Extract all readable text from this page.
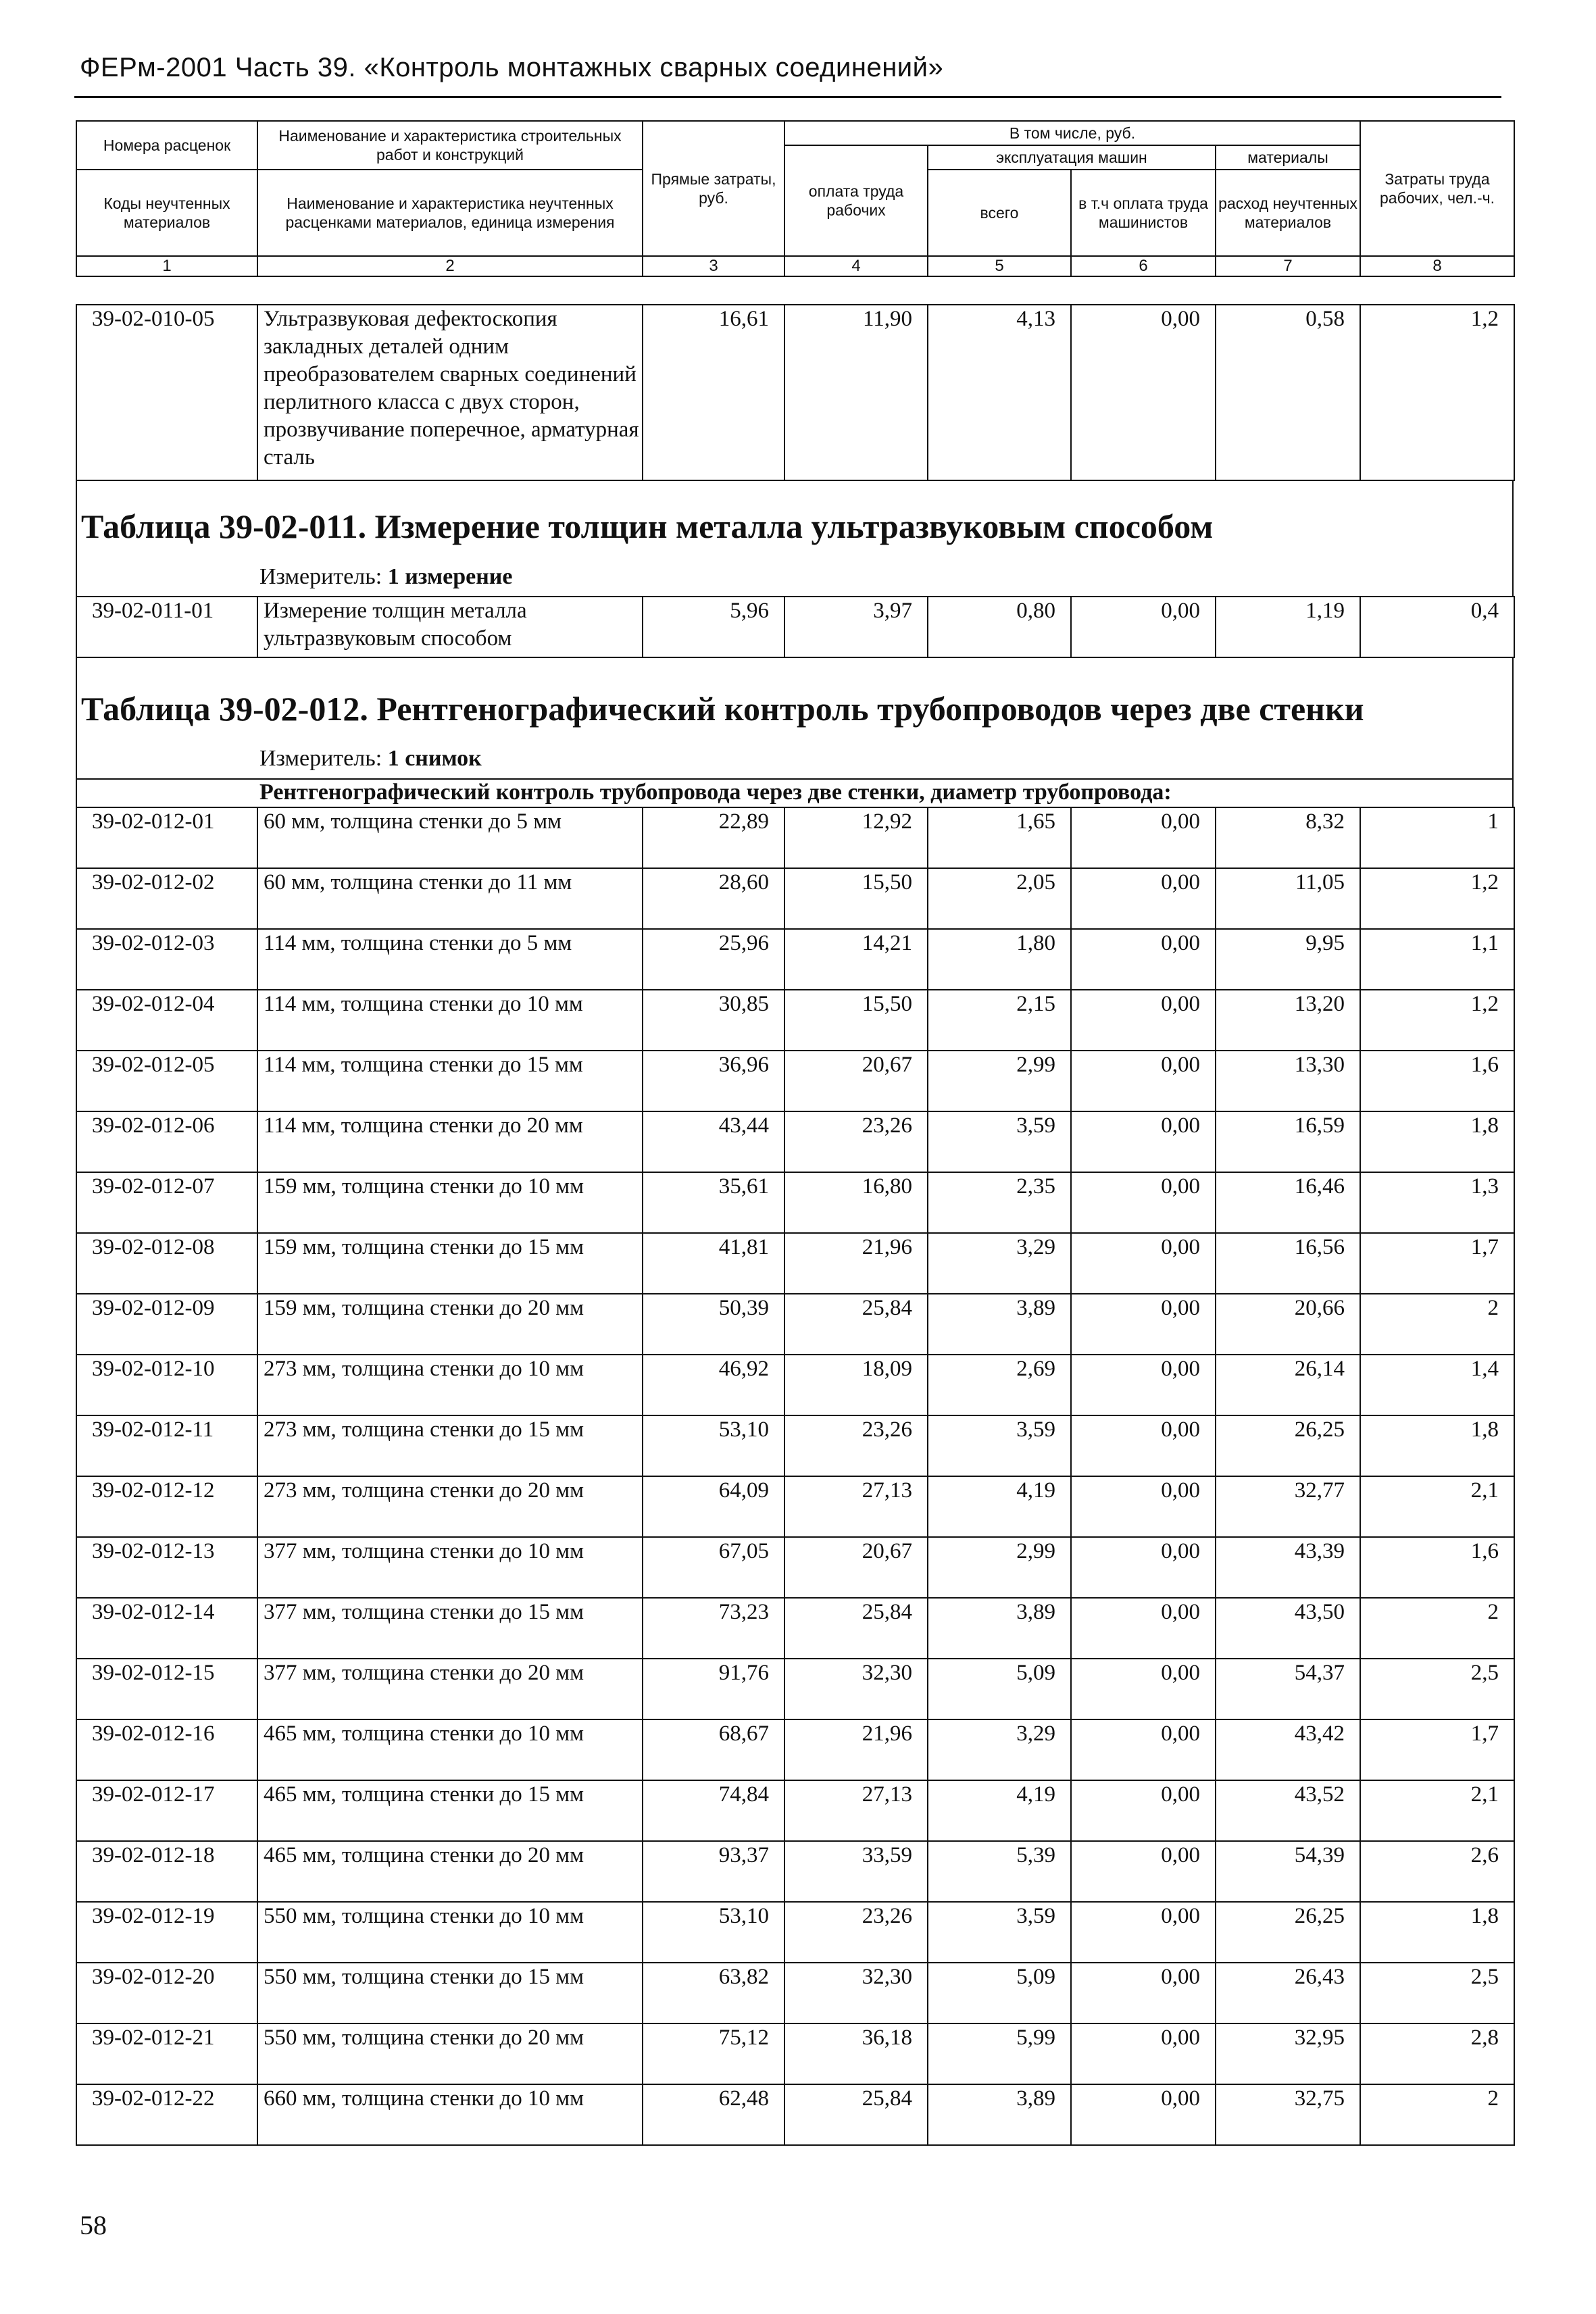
ФЕРм-2001 Часть 39. «Контроль монтажных сварных соединений»
Номера расценок	Наименование и характеристика строительных работ и конструкций	Прямые затраты, руб.	В том числе, руб.				Затраты труда рабочих, чел.-ч.
			оплата труда рабочих	эксплуатация машин		материалы	
Коды неучтенных материалов	Наименование и характеристика неучтенных расценками материалов, единица измерения			всего	в т.ч оплата труда машинистов	расход неучтенных материалов	

1	2	3	4	5	6	7	8
39-02-010-05	Ультразвуковая дефектоскопия закладных деталей одним преобразователем сварных соединений перлитного класса с двух сторон, прозвучивание поперечное, арматурная сталь	16,61	11,90	4,13	0,00	0,58	1,2
Таблица 39-02-011. Измерение толщин металла ультразвуковым способом
Измеритель: 1 измерение
39-02-011-01	Измерение толщин металла ультразвуковым способом	5,96	3,97	0,80	0,00	1,19	0,4
Таблица 39-02-012. Рентгенографический контроль трубопроводов через две стенки
Измеритель: 1 снимок
Рентгенографический контроль трубопровода через две стенки, диаметр трубопровода:
39-02-012-01	60 мм, толщина стенки до 5 мм	22,89	12,92	1,65	0,00	8,32	1
39-02-012-02	60 мм, толщина стенки до 11 мм	28,60	15,50	2,05	0,00	11,05	1,2
39-02-012-03	114 мм, толщина стенки до 5 мм	25,96	14,21	1,80	0,00	9,95	1,1
39-02-012-04	114 мм, толщина стенки до 10 мм	30,85	15,50	2,15	0,00	13,20	1,2
39-02-012-05	114 мм, толщина стенки до 15 мм	36,96	20,67	2,99	0,00	13,30	1,6
39-02-012-06	114 мм, толщина стенки до 20 мм	43,44	23,26	3,59	0,00	16,59	1,8
39-02-012-07	159 мм, толщина стенки до 10 мм	35,61	16,80	2,35	0,00	16,46	1,3
39-02-012-08	159 мм, толщина стенки до 15 мм	41,81	21,96	3,29	0,00	16,56	1,7
39-02-012-09	159 мм, толщина стенки до 20 мм	50,39	25,84	3,89	0,00	20,66	2
39-02-012-10	273 мм, толщина стенки до 10 мм	46,92	18,09	2,69	0,00	26,14	1,4
39-02-012-11	273 мм, толщина стенки до 15 мм	53,10	23,26	3,59	0,00	26,25	1,8
39-02-012-12	273 мм, толщина стенки до 20 мм	64,09	27,13	4,19	0,00	32,77	2,1
39-02-012-13	377 мм, толщина стенки до 10 мм	67,05	20,67	2,99	0,00	43,39	1,6
39-02-012-14	377 мм, толщина стенки до 15 мм	73,23	25,84	3,89	0,00	43,50	2
39-02-012-15	377 мм, толщина стенки до 20 мм	91,76	32,30	5,09	0,00	54,37	2,5
39-02-012-16	465 мм, толщина стенки до 10 мм	68,67	21,96	3,29	0,00	43,42	1,7
39-02-012-17	465 мм, толщина стенки до 15 мм	74,84	27,13	4,19	0,00	43,52	2,1
39-02-012-18	465 мм, толщина стенки до 20 мм	93,37	33,59	5,39	0,00	54,39	2,6
39-02-012-19	550 мм, толщина стенки до 10 мм	53,10	23,26	3,59	0,00	26,25	1,8
39-02-012-20	550 мм, толщина стенки до 15 мм	63,82	32,30	5,09	0,00	26,43	2,5
39-02-012-21	550 мм, толщина стенки до 20 мм	75,12	36,18	5,99	0,00	32,95	2,8
39-02-012-22	660 мм, толщина стенки до 10 мм	62,48	25,84	3,89	0,00	32,75	2
58
